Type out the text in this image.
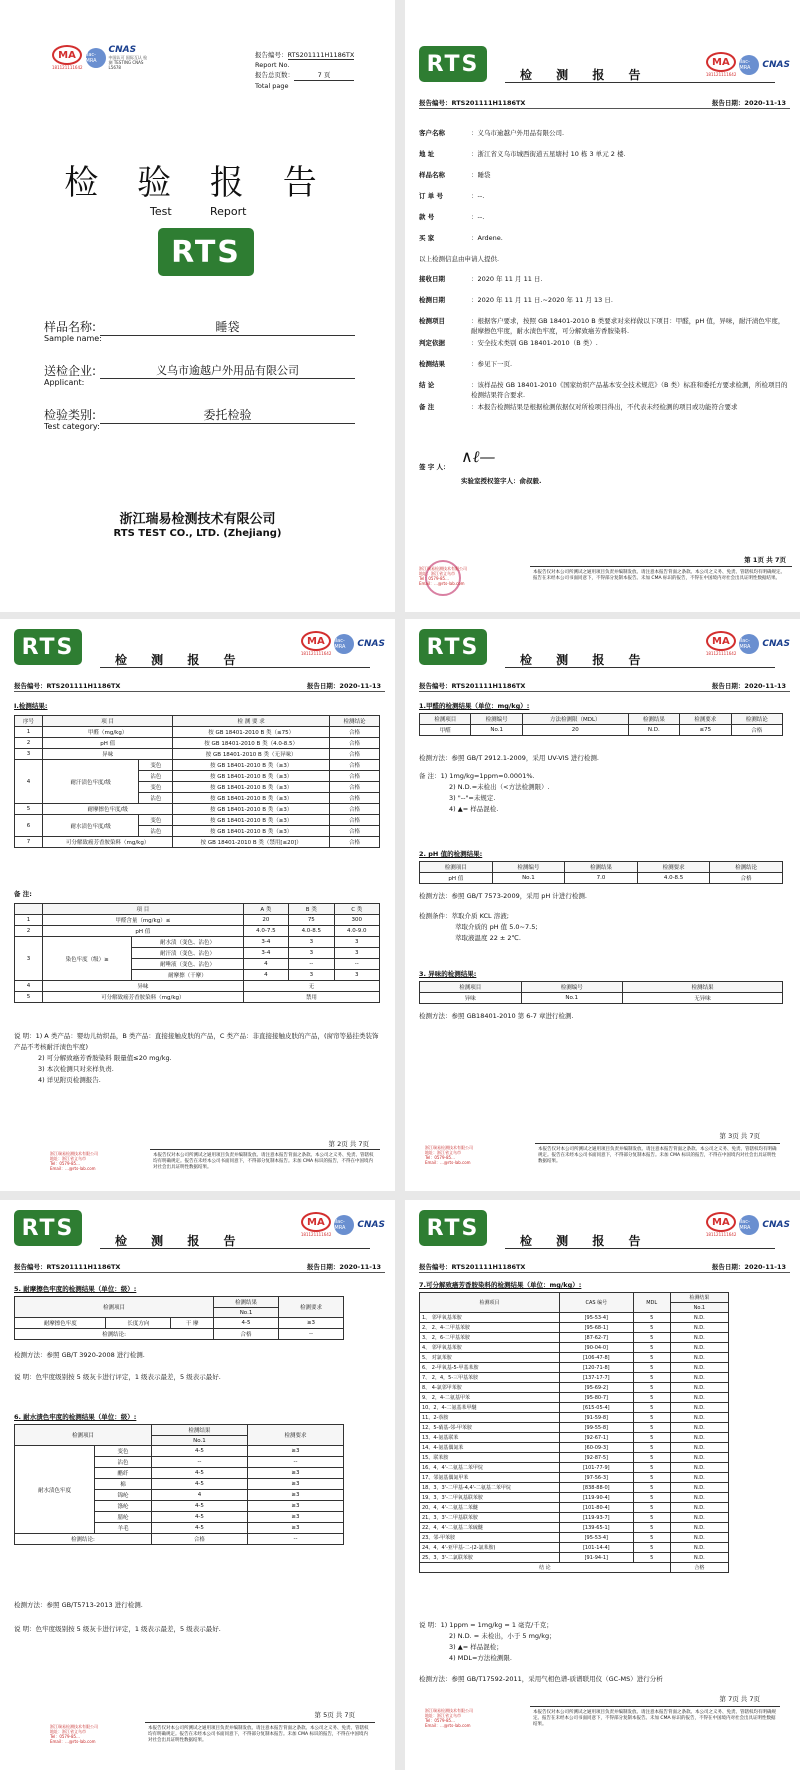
MA
181121111642
ilac-MRA
CNAS
中国认可 国际互认 检测 TESTING CNAS L5678
报告编号：RTS201111H1186TX
Report No.
报告总页数：	7 页
Total page
检 验 报 告
Test	Report
RTS
样品名称:
Sample name:
睡袋
送检企业:
Applicant:
义乌市逾越户外用品有限公司
检验类别:
Test category:
委托检验
浙江瑞易检测技术有限公司
RTS TEST CO., LTD. (Zhejiang)
RTS	MA
181121111642
ilac-MRA	CNAS
检 测 报 告
报告编号：RTS201111H1186TX	报告日期：2020-11-13
客户名称	：义乌市逾越户外用品有限公司.
地 址	：浙江省义乌市城西街道五星塘村 10 栋 3 单元 2 楼.
样品名称	：睡袋
订 单 号	：--.
款 号	：--.
买 家	：Ardene.
以上检测信息由申请人提供.
接收日期	：2020 年 11 月 11 日.
检测日期	：2020 年 11 月 11 日.~2020 年 11 月 13 日.
检测项目	：根据客户要求，按照 GB 18401-2010 B 类要求对来样做以下项目：甲醛，pH 值，异味，耐汗渍色牢度，耐摩擦色牢度，耐水渍色牢度，可分解致癌芳香胺染料.
判定依据	：安全技术类别 GB 18401-2010（B 类）.
检测结果	：参见下一页.
结 论	：该样品按 GB 18401-2010《国家纺织产品基本安全技术规范》（B 类）标准和委托方要求检测，所检项目的检测结果符合要求.
备 注	：本报告检测结果是根据检测依据仅对所检项目得出，不代表未经检测的项目或功能符合要求
签 字 人：
∧ℓ—
实验室授权签字人：俞叔毅.
第 1页 共 7页
浙江瑞易检测技术有限公司
地址：浙江省义乌市
Tel：0579-85...
Email：...@rts-lab.com
本报告仅对本公司所测试之通用项目负责并编制发放。请注意本报告背面之条款。本公司之义务、免责、管辖权均有明确规定。报告在未经本公司书面同意下，不得部分复制本报告。未加 CMA 标识的报告，不得在中国境内对社会出具证明性数据结果。
RTS	MA
181121111642
ilac-MRA	CNAS
检 测 报 告
报告编号：RTS201111H1186TX	报告日期：2020-11-13
I.检测结果:
序号	项 目		检 测 要 求	检测结论
1	甲醛（mg/kg）		按 GB 18401-2010 B 类（≤75）	合格
2	pH 值		按 GB 18401-2010 B 类（4.0-8.5）	合格
3	异味		按 GB 18401-2010 B 类（无异味）	合格
4	耐汗渍色牢度/级	变色	按 GB 18401-2010 B 类（≥3）	合格
		沾色	按 GB 18401-2010 B 类（≥3）	合格
		变色	按 GB 18401-2010 B 类（≥3）	合格
		沾色	按 GB 18401-2010 B 类（≥3）	合格
5	耐摩擦色牢度/级		按 GB 18401-2010 B 类（≥3）	合格
6	耐水渍色牢度/级	变色	按 GB 18401-2010 B 类（≥3）	合格
		沾色	按 GB 18401-2010 B 类（≥3）	合格
7	可分解致癌芳香胺染料（mg/kg）		按 GB 18401-2010 B 类（禁用[≤20]）	合格
备 注:
	项 目		A 类	B 类	C 类
1	甲醛含量（mg/kg）≤		20	75	300
2	pH 值		4.0-7.5	4.0-8.5	4.0-9.0
3	染色牢度（级）≥	耐水渍（变色、沾色）	3-4	3	3
		耐汗渍（变色、沾色）	3-4	3	3
		耐唾液（变色、沾色）	4	--	--
		耐摩擦（干摩）	4	3	3
4	异味		无		
5	可分解致癌芳香胺染料（mg/kg）		禁用		
说 明：1) A 类产品：婴幼儿纺织品，B 类产品：直接接触皮肤的产品，C 类产品：非直接接触皮肤的产品，(窗帘等悬挂类装饰产品不考核耐汗渍色牢度)
2) 可分解致癌芳香胺染料 限量值≤20 mg/kg.
3) 本次检测只对来样负责.
4) 详见附页检测报告.
第 2页 共 7页
浙江瑞易检测技术有限公司
地址：浙江省义乌市
Tel：0579-85...
Email：...@rts-lab.com
本报告仅对本公司所测试之通用项目负责并编制发放。请注意本报告背面之条款。本公司之义务、免责、管辖权均有明确规定。报告在未经本公司书面同意下，不得部分复制本报告。未加 CMA 标识的报告，不得在中国境内对社会出具证明性数据结果。
RTS	MA
181121111642
ilac-MRA	CNAS
检 测 报 告
报告编号：RTS201111H1186TX	报告日期：2020-11-13
1.甲醛的检测结果（单位：mg/kg）:
检测项目	检测编号	方法检测限（MDL）	检测结果	检测要求	检测结论
甲醛	No.1	20	N.D.	≤75	合格
检测方法：参照 GB/T 2912.1-2009，采用 UV-VIS 进行检测.
备 注：1) 1mg/kg=1ppm=0.0001%.
2) N.D.=未检出（<方法检测限）.
3) "--"=未规定.
4) ▲= 样品混检.
2. pH 值的检测结果:
检测项目	检测编号	检测结果	检测要求	检测结论
pH 值	No.1	7.0	4.0-8.5	合格
检测方法：参照 GB/T 7573-2009，采用 pH 计进行检测.
检测条件：萃取介质 KCL 溶液;
萃取介质的 pH 值 5.0~7.5;
萃取液温度 22 ± 2℃.
3. 异味的检测结果:
检测项目	检测编号	检测结果
异味	No.1	无异味
检测方法：参照 GB18401-2010 第 6-7 章进行检测.
第 3页 共 7页
浙江瑞易检测技术有限公司
地址：浙江省义乌市
Tel：0579-85...
Email：...@rts-lab.com
本报告仅对本公司所测试之通用项目负责并编制发放。请注意本报告背面之条款。本公司之义务、免责、管辖权均有明确规定。报告在未经本公司书面同意下，不得部分复制本报告。未加 CMA 标识的报告，不得在中国境内对社会出具证明性数据结果。
RTS	MA
181121111642
ilac-MRA	CNAS
检 测 报 告
报告编号：RTS201111H1186TX	报告日期：2020-11-13
5. 耐摩擦色牢度的检测结果（单位：级）:
检测项目			检测结果	检测要求
			No.1	
耐摩擦色牢度	长度方向	干 摩	4-5	≥3
检测结论:			合格	--
检测方法：参照 GB/T 3920-2008 进行检测.
说 明：色牢度级别按 5 级灰卡进行评定，1 级表示最差，5 级表示最好.
6. 耐水渍色牢度的检测结果（单位：级）:
检测项目		检测结果	检测要求
		No.1	
耐水渍色牢度	变色	4-5	≥3
	沾色	--	--
	醋纤	4-5	≥3
	棉	4-5	≥3
	锦纶	4	≥3
	涤纶	4-5	≥3
	腈纶	4-5	≥3
	羊毛	4-5	≥3
检测结论:		合格	--
检测方法：参照 GB/T5713-2013 进行检测.
说 明：色牢度级别按 5 级灰卡进行评定，1 级表示最差，5 级表示最好.
第 5页 共 7页
浙江瑞易检测技术有限公司
地址：浙江省义乌市
Tel：0579-85...
Email：...@rts-lab.com
本报告仅对本公司所测试之通用项目负责并编制发放。请注意本报告背面之条款。本公司之义务、免责、管辖权均有明确规定。报告在未经本公司书面同意下，不得部分复制本报告。未加 CMA 标识的报告，不得在中国境内对社会出具证明性数据结果。
RTS	MA
181121111642
ilac-MRA	CNAS
检 测 报 告
报告编号：RTS201111H1186TX	报告日期：2020-11-13
7.可分解致癌芳香胺染料的检测结果（单位：mg/kg）:
检测项目	CAS 编号	MDL	检测结果
			No.1
1、 邻甲氧基苯胺	[95-53-4]	5	N.D.
2、 2、4-二甲基苯胺	[95-68-1]	5	N.D.
3、 2，6-二甲基苯胺	[87-62-7]	5	N.D.
4、 邻甲氧基苯胺	[90-04-0]	5	N.D.
5、 对氯苯胺	[106-47-8]	5	N.D.
6、 2-甲氧基-5-甲基苯胺	[120-71-8]	5	N.D.
7、 2，4，5-三甲基苯胺	[137-17-7]	5	N.D.
8、 4-氯邻甲苯胺	[95-69-2]	5	N.D.
9、 2，4-二氨基甲苯	[95-80-7]	5	N.D.
10、2，4-二氨基苯甲醚	[615-05-4]	5	N.D.
11、2-萘胺	[91-59-8]	5	N.D.
12、5-硝基-邻-甲苯胺	[99-55-8]	5	N.D.
13、4-氨基联苯	[92-67-1]	5	N.D.
14、4-氨基偶氮苯	[60-09-3]	5	N.D.
15、联苯胺	[92-87-5]	5	N.D.
16、4，4'-二氨基二苯甲烷	[101-77-9]	5	N.D.
17、邻氨基偶氮甲苯	[97-56-3]	5	N.D.
18、3，3'-二甲基-4,4'-二氨基二苯甲烷	[838-88-0]	5	N.D.
19、3，3'-二甲氧基联苯胺	[119-90-4]	5	N.D.
20、4，4'-二氨基二苯醚	[101-80-4]	5	N.D.
21、3，3'-二甲基联苯胺	[119-93-7]	5	N.D.
22、4，4'-二氨基二苯硫醚	[139-65-1]	5	N.D.
23、邻-甲苯胺	[95-53-4]	5	N.D.
24、4，4'-亚甲基-二-(2-氯苯胺)	[101-14-4]	5	N.D.
25、3，3'-二氯联苯胺	[91-94-1]	5	N.D.
结 论			合格
说 明：1) 1ppm = 1mg/kg = 1 毫克/千克；
2) N.D. = 未检出，小于 5 mg/kg；
3) ▲= 样品混检；
4) MDL=方法检测限.
检测方法：参照 GB/T17592-2011，采用气相色谱-质谱联用仪（GC-MS）进行分析
第 7页 共 7页
浙江瑞易检测技术有限公司
地址：浙江省义乌市
Tel：0579-85...
Email：...@rts-lab.com
本报告仅对本公司所测试之通用项目负责并编制发放。请注意本报告背面之条款。本公司之义务、免责、管辖权均有明确规定。报告在未经本公司书面同意下，不得部分复制本报告。未加 CMA 标识的报告，不得在中国境内对社会出具证明性数据结果。
